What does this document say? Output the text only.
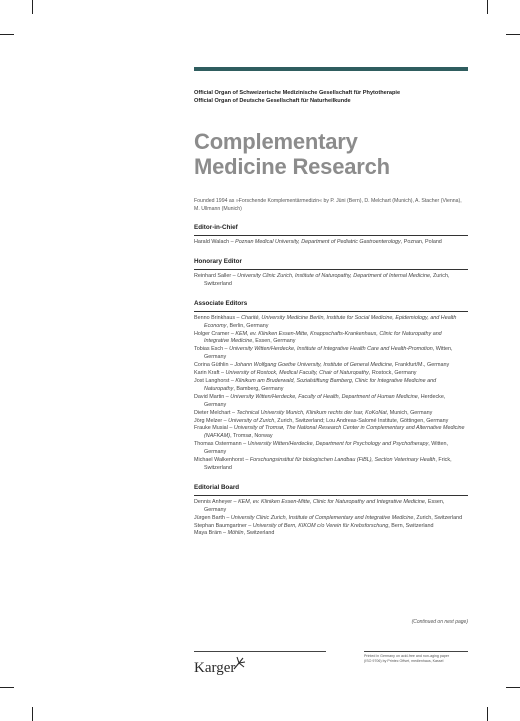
Official Organ of Schweizerische Medizinische Gesellschaft für Phytotherapie
Official Organ of Deutsche Gesellschaft für Naturheilkunde
Complementary
Medicine Research
Founded 1994 as »Forschende Komplementärmedizin« by P. Jüni (Bern), D. Melchart (Munich), A. Stacher (Vienna), M. Ullmann (Munich)
Editor-in-Chief
Harald Walach – Poznan Medical University, Department of Pediatric Gastroenterology, Poznan, Poland
Honorary Editor
Reinhard Saller – University Clinic Zurich, Institute of Naturopathy, Department of Internal Medicine, Zurich, Switzerland
Associate Editors
Benno Brinkhaus – Charité, University Medicine Berlin, Institute for Social Medicine, Epidemiology, and Health Economy, Berlin, Germany
Holger Cramer – KEM, ev. Kliniken Essen-Mitte, Knappschafts-Krankenhaus, Clinic for Naturopathy and Integrative Medicine, Essen, Germany
Tobias Esch – University Witten/Herdecke, Institute of Integrative Health Care and Health-Promotion, Witten, Germany
Corina Güthlin – Johann Wolfgang Goethe University, Institute of General Medicine, Frankfurt/M., Germany
Karin Kraft – University of Rostock, Medical Faculty, Chair of Naturopathy, Rostock, Germany
Jost Langhorst – Klinikum am Bruderwald, Sozialstiftung Bamberg, Clinic for Integrative Medicine and Naturopathy, Bamberg, Germany
David Martin – University Witten/Herdecke, Faculty of Health, Department of Human Medicine, Herdecke, Germany
Dieter Melchart – Technical University Munich, Klinikum rechts der Isar, KoKoNat, Munich, Germany
Jörg Melzer – University of Zurich, Zurich, Switzerland; Lou Andreas-Salomé Institute, Göttingen, Germany
Frauke Musial – University of Tromsø, The National Research Center in Complementary and Alternative Medicine (NAFKAM), Tromsø, Norway
Thomas Ostermann – University Witten/Herdecke, Department for Psychology and Psychotherapy, Witten, Germany
Michael Walkenhorst – Forschungsinstitut für biologischen Landbau (FiBL), Section Veterinary Health, Frick, Switzerland
Editorial Board
Dennis Anheyer – KEM, ev. Kliniken Essen-Mitte, Clinic for Naturopathy and Integrative Medicine, Essen, Germany
Jürgen Barth – University Clinic Zurich, Institute of Complementary and Integrative Medicine, Zurich, Switzerland
Stephan Baumgartner – University of Bern, KIKOM c/o Verein für Krebsforschung, Bern, Switzerland
Maya Bräm – Möhlin, Switzerland
(Continued on next page)
Karger
Printed in Germany on acid-free and non-aging paper
(ISO 9706) by Printec Offset, medienhaus, Kassel
